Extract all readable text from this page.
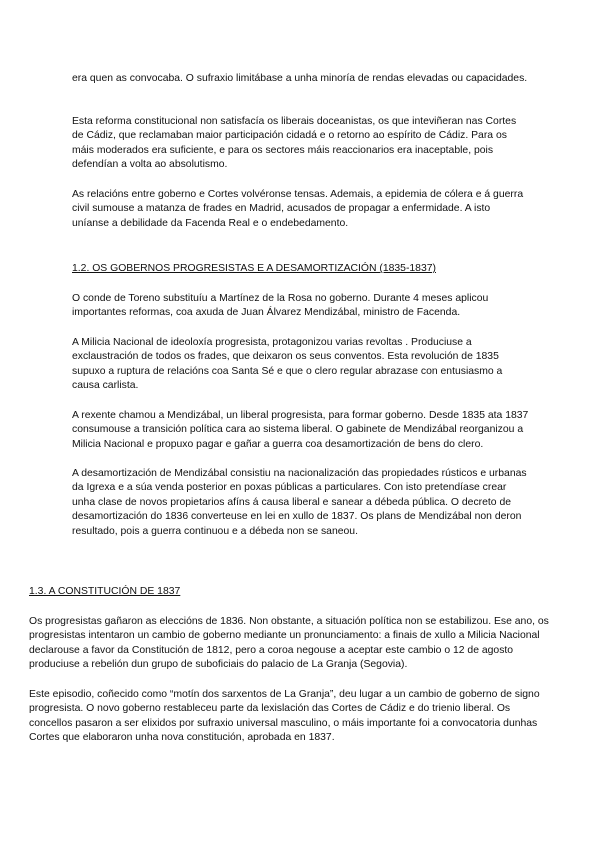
era quen as convocaba. O sufraxio limitábase a unha minoría de rendas elevadas ou capacidades.

Esta reforma constitucional non satisfacía os liberais doceanistas, os que inteviñeran nas Cortes de Cádiz, que reclamaban maior participación cidadá e o retorno ao espírito de Cádiz. Para os máis moderados era suficiente, e para os sectores máis reaccionarios era inaceptable, pois defendían a volta ao absolutismo.

As relacións entre goberno e Cortes volvéronse tensas. Ademais, a epidemia de cólera e á guerra civil sumouse a matanza de frades en Madrid, acusados de propagar a enfermidade. A isto uníanse a debilidade da Facenda Real e o endebedamento.

1.2. OS GOBERNOS PROGRESISTAS E A DESAMORTIZACIÓN (1835-1837)

O conde de Toreno substituíu a Martínez de la Rosa no goberno. Durante 4 meses aplicou importantes reformas, coa axuda de Juan Álvarez Mendizábal, ministro de Facenda.

A Milicia Nacional de ideoloxía progresista, protagonizou varias revoltas . Produciuse a exclaustración de todos os frades, que deixaron os seus conventos. Esta revolución de 1835 supuxo a ruptura de relacións coa Santa Sé e que o clero regular abrazase con entusiasmo a causa carlista.

A rexente chamou a Mendizábal, un liberal progresista, para formar goberno. Desde 1835 ata 1837 consumouse a transición política cara ao sistema liberal. O gabinete de Mendizábal reorganizou a Milicia Nacional e propuxo pagar e gañar a guerra coa desamortización de bens do clero.

A desamortización de Mendizábal consistiu na nacionalización das propiedades rústicos e urbanas da Igrexa e a súa venda posterior en poxas públicas a particulares. Con isto pretendíase crear unha clase de novos propietarios afíns á causa liberal e sanear a débeda pública. O decreto de desamortización do 1836 converteuse en lei en xullo de 1837. Os plans de Mendizábal non deron resultado, pois a guerra continuou e a débeda non se saneou.

1.3. A CONSTITUCIÓN DE 1837

Os progresistas gañaron as eleccións de 1836. Non obstante, a situación política non se estabilizou. Ese ano, os progresistas intentaron un cambio de goberno mediante un pronunciamento: a finais de xullo a Milicia Nacional declarouse a favor da Constitución de 1812, pero a coroa negouse a aceptar este cambio o 12 de agosto produciuse a rebelión dun grupo de suboficiais do palacio de La Granja (Segovia).

Este episodio, coñecido como “motín dos sarxentos de La Granja”, deu lugar a un cambio de goberno de signo progresista. O novo goberno restableceu parte da lexislación das Cortes de Cádiz e do trienio liberal. Os concellos pasaron a ser elixidos por sufraxio universal masculino, o máis importante foi a convocatoria dunhas Cortes que elaboraron unha nova constitución, aprobada en 1837.
